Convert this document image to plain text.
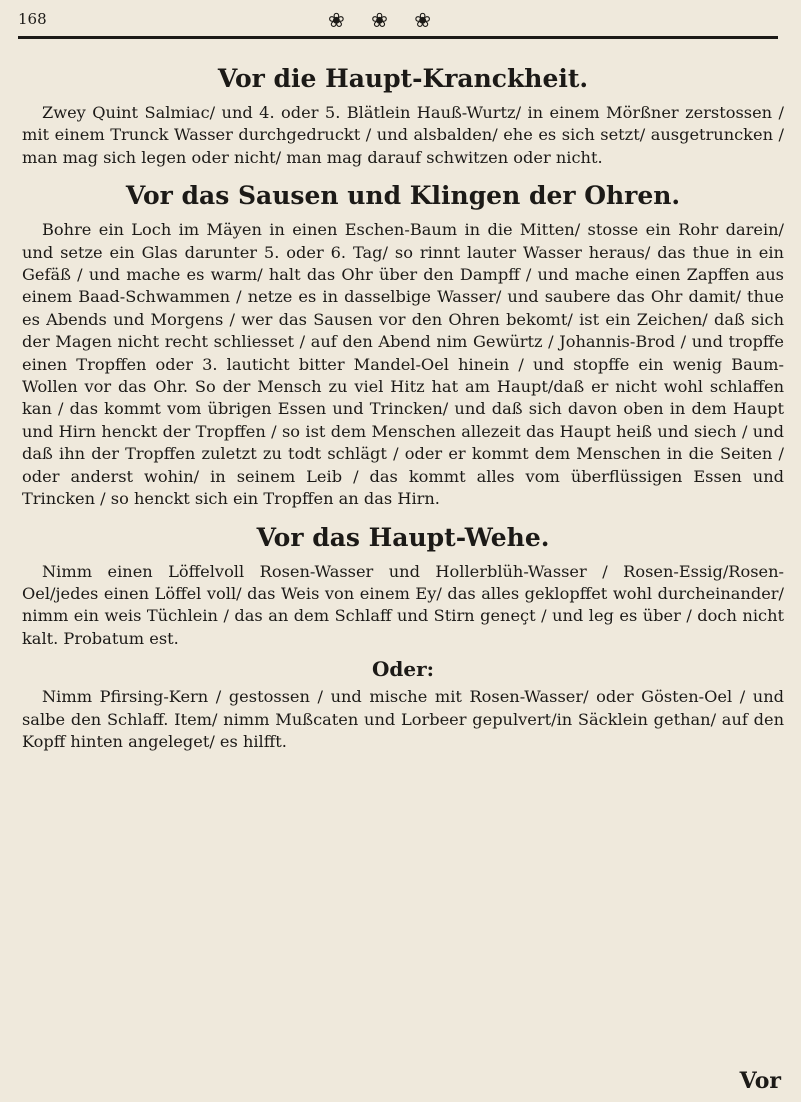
168	❀ ❀ ❀
Vor die Haupt-Kranckheit.

Zwey Quint Salmiac/ und 4. oder 5. Blätlein Hauß-Wurtz/ in einem Mörßner zerstossen / mit einem Trunck Wasser durchgedruckt / und alsbalden/ ehe es sich setzt/ ausgetruncken / man mag sich legen oder nicht/ man mag darauf schwitzen oder nicht.

Vor das Sausen und Klingen der Ohren.

Bohre ein Loch im Mäyen in einen Eschen-Baum in die Mitten/ stosse ein Rohr darein/ und setze ein Glas darunter 5. oder 6. Tag/ so rinnt lauter Wasser heraus/ das thue in ein Gefäß / und mache es warm/ halt das Ohr über den Dampff / und mache einen Zapffen aus einem Baad-Schwammen / netze es in dasselbige Wasser/ und saubere das Ohr damit/ thue es Abends und Morgens / wer das Sausen vor den Ohren bekomt/ ist ein Zeichen/ daß sich der Magen nicht recht schliesset / auf den Abend nim Gewürtz / Johannis-Brod / und tropffe einen Tropffen oder 3. lauticht bitter Mandel-Oel hinein / und stopffe ein wenig Baum-Wollen vor das Ohr. So der Mensch zu viel Hitz hat am Haupt/daß er nicht wohl schlaffen kan / das kommt vom übrigen Essen und Trincken/ und daß sich davon oben in dem Haupt und Hirn henckt der Tropffen / so ist dem Menschen allezeit das Haupt heiß und siech / und daß ihn der Tropffen zuletzt zu todt schlägt / oder er kommt dem Menschen in die Seiten / oder anderst wohin/ in seinem Leib / das kommt alles vom überflüssigen Essen und Trincken / so henckt sich ein Tropffen an das Hirn.

Vor das Haupt-Wehe.

Nimm einen Löffelvoll Rosen-Wasser und Hollerblüh-Wasser / Rosen-Essig/Rosen-Oel/jedes einen Löffel voll/ das Weis von einem Ey/ das alles geklopffet wohl durcheinander/ nimm ein weis Tüchlein / das an dem Schlaff und Stirn geneçt / und leg es über / doch nicht kalt. Probatum est.

Oder:

Nimm Pfirsing-Kern / gestossen / und mische mit Rosen-Wasser/ oder Gösten-Oel / und salbe den Schlaff. Item/ nimm Mußcaten und Lorbeer gepulvert/in Säcklein gethan/ auf den Kopff hinten angeleget/ es hilfft.

Vor
